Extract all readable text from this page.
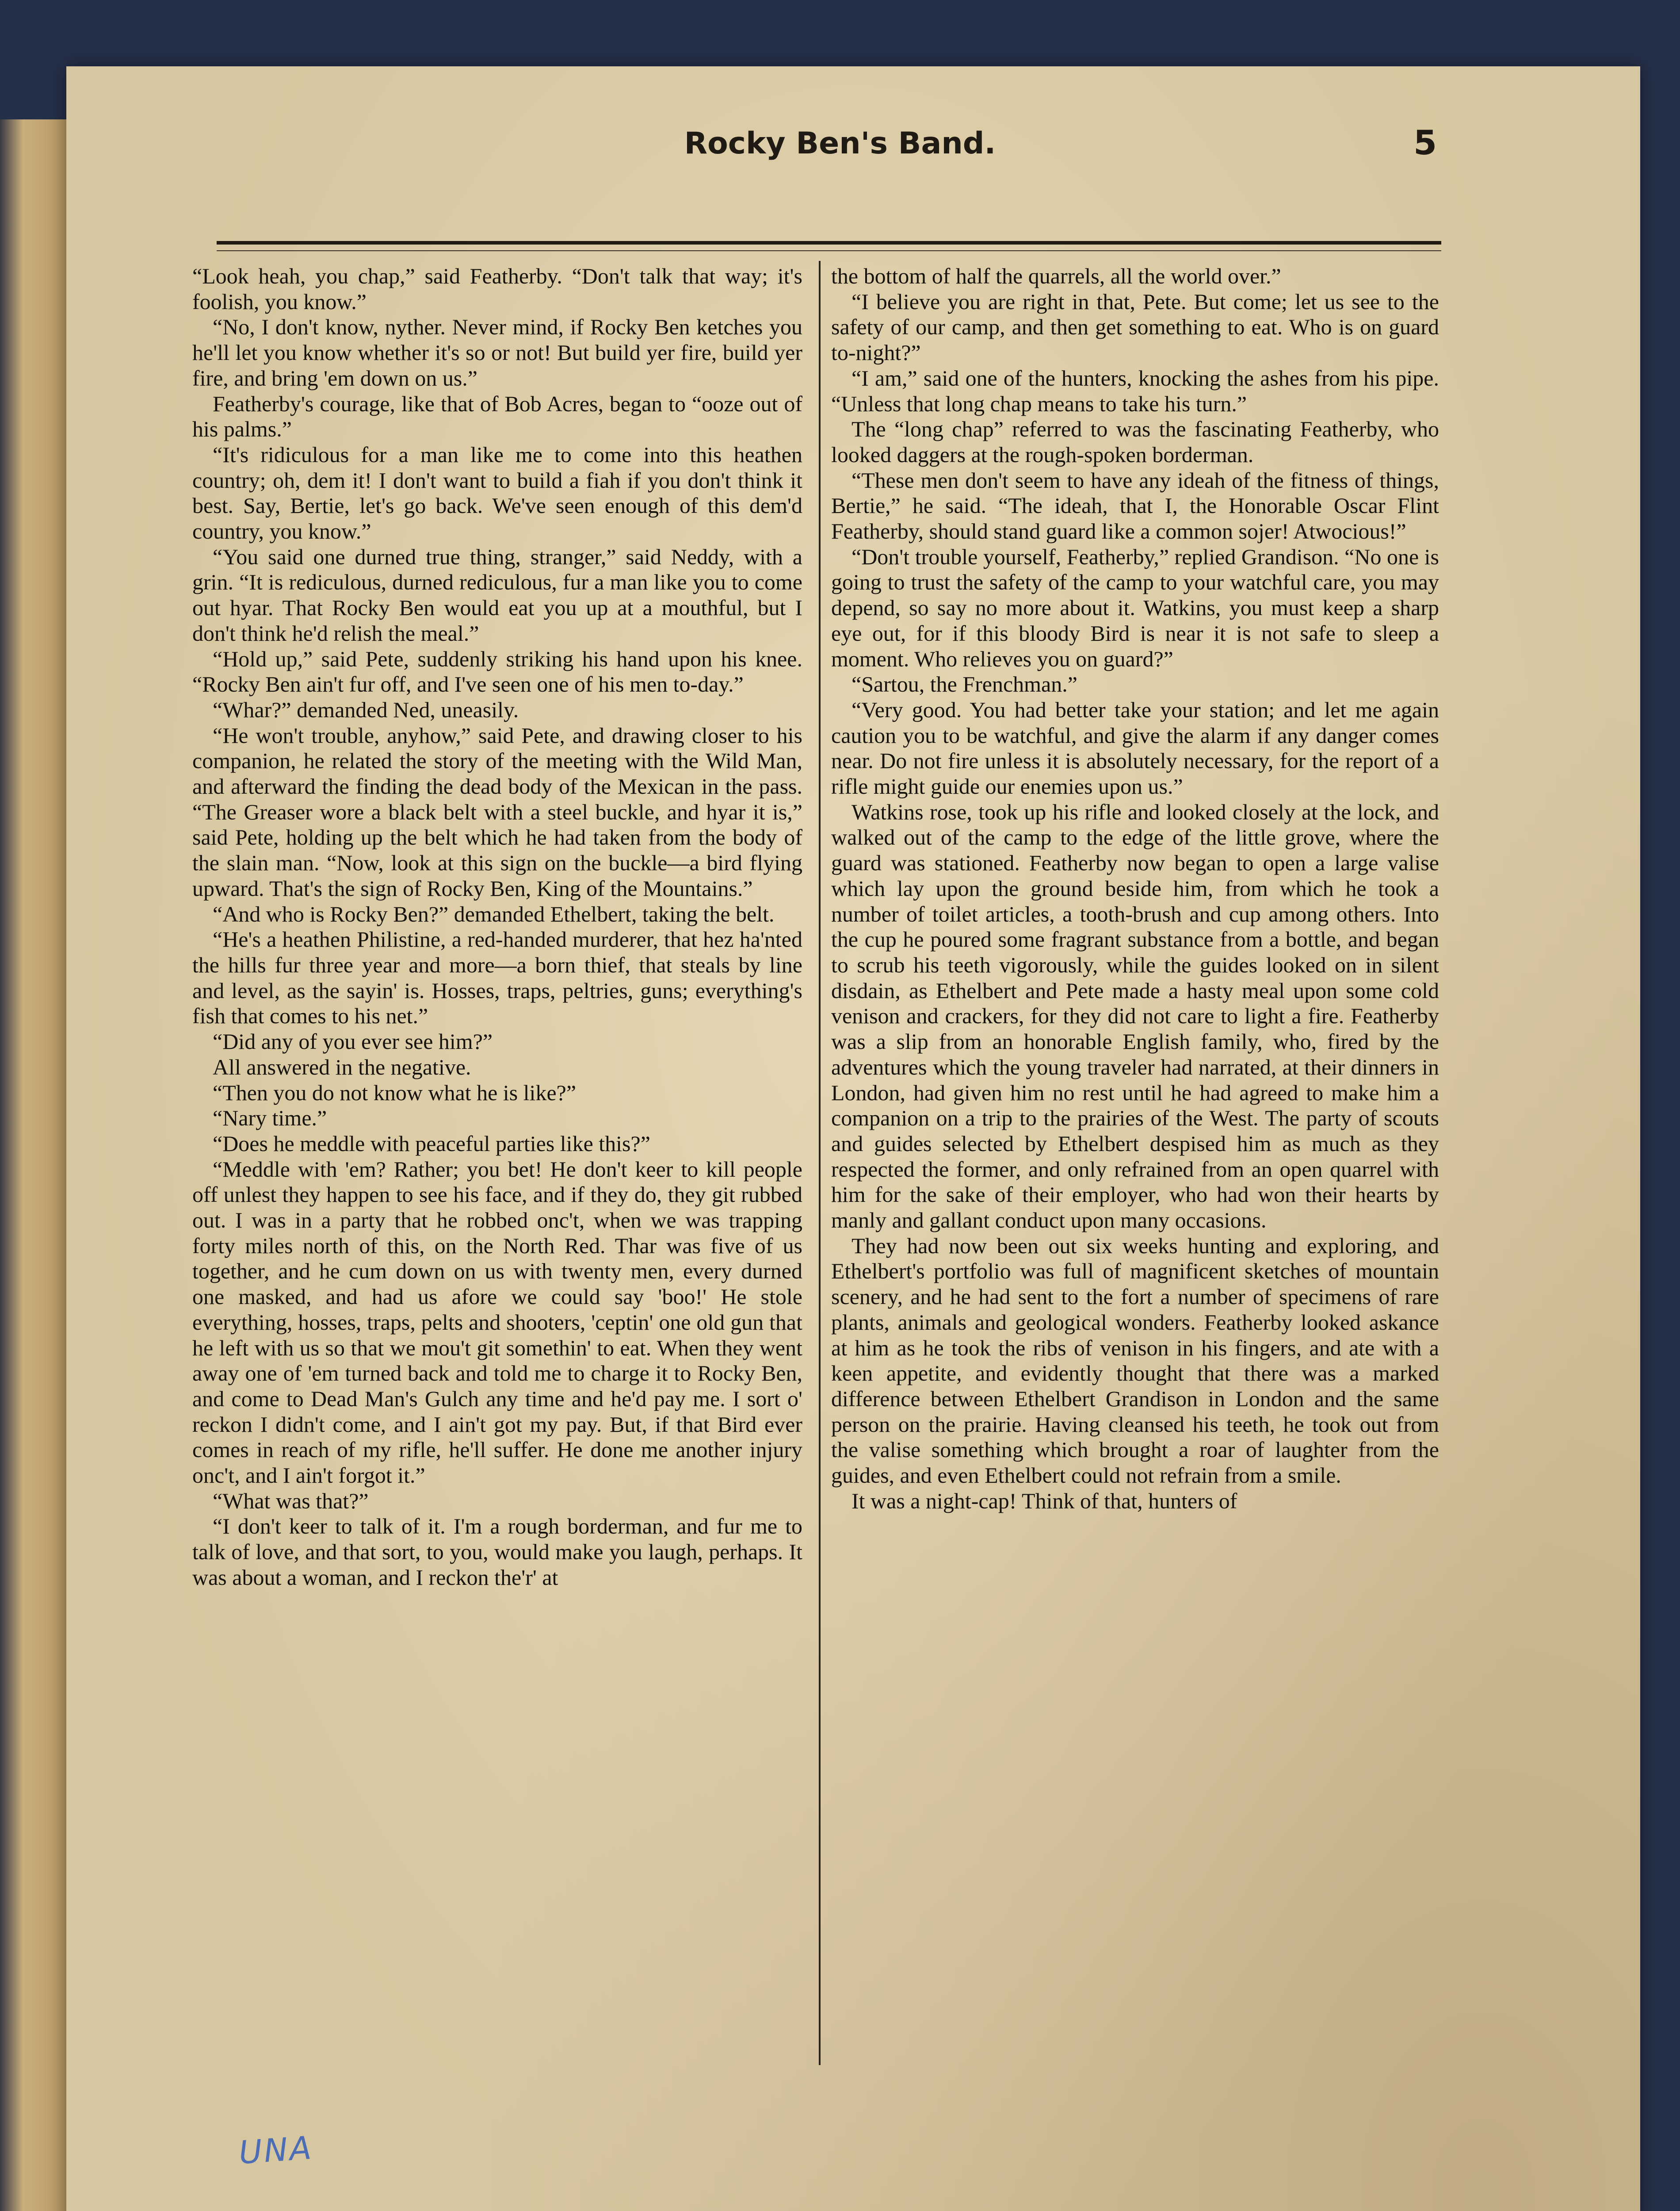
Rocky Ben's Band.	5

“Look heah, you chap,” said Featherby. “Don't talk that way; it's foolish, you know.”

“No, I don't know, nyther. Never mind, if Rocky Ben ketches you he'll let you know whether it's so or not! But build yer fire, build yer fire, and bring 'em down on us.”

Featherby's courage, like that of Bob Acres, began to “ooze out of his palms.”

“It's ridiculous for a man like me to come into this heathen country; oh, dem it! I don't want to build a fiah if you don't think it best. Say, Bertie, let's go back. We've seen enough of this dem'd country, you know.”

“You said one durned true thing, stranger,” said Neddy, with a grin. “It is rediculous, durned rediculous, fur a man like you to come out hyar. That Rocky Ben would eat you up at a mouthful, but I don't think he'd relish the meal.”

“Hold up,” said Pete, suddenly striking his hand upon his knee. “Rocky Ben ain't fur off, and I've seen one of his men to-day.”

“Whar?” demanded Ned, uneasily.

“He won't trouble, anyhow,” said Pete, and drawing closer to his companion, he related the story of the meeting with the Wild Man, and afterward the finding the dead body of the Mexican in the pass. “The Greaser wore a black belt with a steel buckle, and hyar it is,” said Pete, holding up the belt which he had taken from the body of the slain man. “Now, look at this sign on the buckle—a bird flying upward. That's the sign of Rocky Ben, King of the Mountains.”

“And who is Rocky Ben?” demanded Ethelbert, taking the belt.

“He's a heathen Philistine, a red-handed murderer, that hez ha'nted the hills fur three year and more—a born thief, that steals by line and level, as the sayin' is. Hosses, traps, peltries, guns; everything's fish that comes to his net.”

“Did any of you ever see him?”

All answered in the negative.

“Then you do not know what he is like?”

“Nary time.”

“Does he meddle with peaceful parties like this?”

“Meddle with 'em? Rather; you bet! He don't keer to kill people off unlest they happen to see his face, and if they do, they git rubbed out. I was in a party that he robbed onc't, when we was trapping forty miles north of this, on the North Red. Thar was five of us together, and he cum down on us with twenty men, every durned one masked, and had us afore we could say 'boo!' He stole everything, hosses, traps, pelts and shooters, 'ceptin' one old gun that he left with us so that we mou't git somethin' to eat. When they went away one of 'em turned back and told me to charge it to Rocky Ben, and come to Dead Man's Gulch any time and he'd pay me. I sort o' reckon I didn't come, and I ain't got my pay. But, if that Bird ever comes in reach of my rifle, he'll suffer. He done me another injury onc't, and I ain't forgot it.”

“What was that?”

“I don't keer to talk of it. I'm a rough borderman, and fur me to talk of love, and that sort, to you, would make you laugh, perhaps. It was about a woman, and I reckon the'r' at

the bottom of half the quarrels, all the world over.”

“I believe you are right in that, Pete. But come; let us see to the safety of our camp, and then get something to eat. Who is on guard to-night?”

“I am,” said one of the hunters, knocking the ashes from his pipe. “Unless that long chap means to take his turn.”

The “long chap” referred to was the fascinating Featherby, who looked daggers at the rough-spoken borderman.

“These men don't seem to have any ideah of the fitness of things, Bertie,” he said. “The ideah, that I, the Honorable Oscar Flint Featherby, should stand guard like a common sojer! Atwocious!”

“Don't trouble yourself, Featherby,” replied Grandison. “No one is going to trust the safety of the camp to your watchful care, you may depend, so say no more about it. Watkins, you must keep a sharp eye out, for if this bloody Bird is near it is not safe to sleep a moment. Who relieves you on guard?”

“Sartou, the Frenchman.”

“Very good. You had better take your station; and let me again caution you to be watchful, and give the alarm if any danger comes near. Do not fire unless it is absolutely necessary, for the report of a rifle might guide our enemies upon us.”

Watkins rose, took up his rifle and looked closely at the lock, and walked out of the camp to the edge of the little grove, where the guard was stationed. Featherby now began to open a large valise which lay upon the ground beside him, from which he took a number of toilet articles, a tooth-brush and cup among others. Into the cup he poured some fragrant substance from a bottle, and began to scrub his teeth vigorously, while the guides looked on in silent disdain, as Ethelbert and Pete made a hasty meal upon some cold venison and crackers, for they did not care to light a fire. Featherby was a slip from an honorable English family, who, fired by the adventures which the young traveler had narrated, at their dinners in London, had given him no rest until he had agreed to make him a companion on a trip to the prairies of the West. The party of scouts and guides selected by Ethelbert despised him as much as they respected the former, and only refrained from an open quarrel with him for the sake of their employer, who had won their hearts by manly and gallant conduct upon many occasions.

They had now been out six weeks hunting and exploring, and Ethelbert's portfolio was full of magnificent sketches of mountain scenery, and he had sent to the fort a number of specimens of rare plants, animals and geological wonders. Featherby looked askance at him as he took the ribs of venison in his fingers, and ate with a keen appetite, and evidently thought that there was a marked difference between Ethelbert Grandison in London and the same person on the prairie. Having cleansed his teeth, he took out from the valise something which brought a roar of laughter from the guides, and even Ethelbert could not refrain from a smile.

It was a night-cap! Think of that, hunters of

UNA
